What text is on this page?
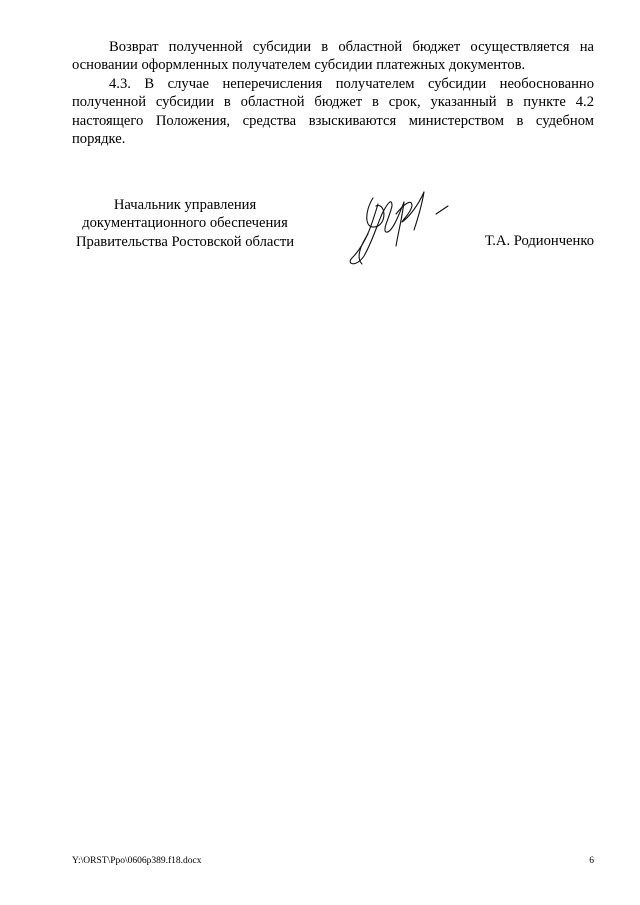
Возврат полученной субсидии в областной бюджет осуществляется на основании оформленных получателем субсидии платежных документов.

4.3. В случае неперечисления получателем субсидии необоснованно полученной субсидии в областной бюджет в срок, указанный в пункте 4.2 настоящего Положения, средства взыскиваются министерством в судебном порядке.

Начальник управления
документационного обеспечения
Правительства Ростовской области	Т.А. Родионченко
Y:\ORST\Ppo\0606p389.f18.docx	6
